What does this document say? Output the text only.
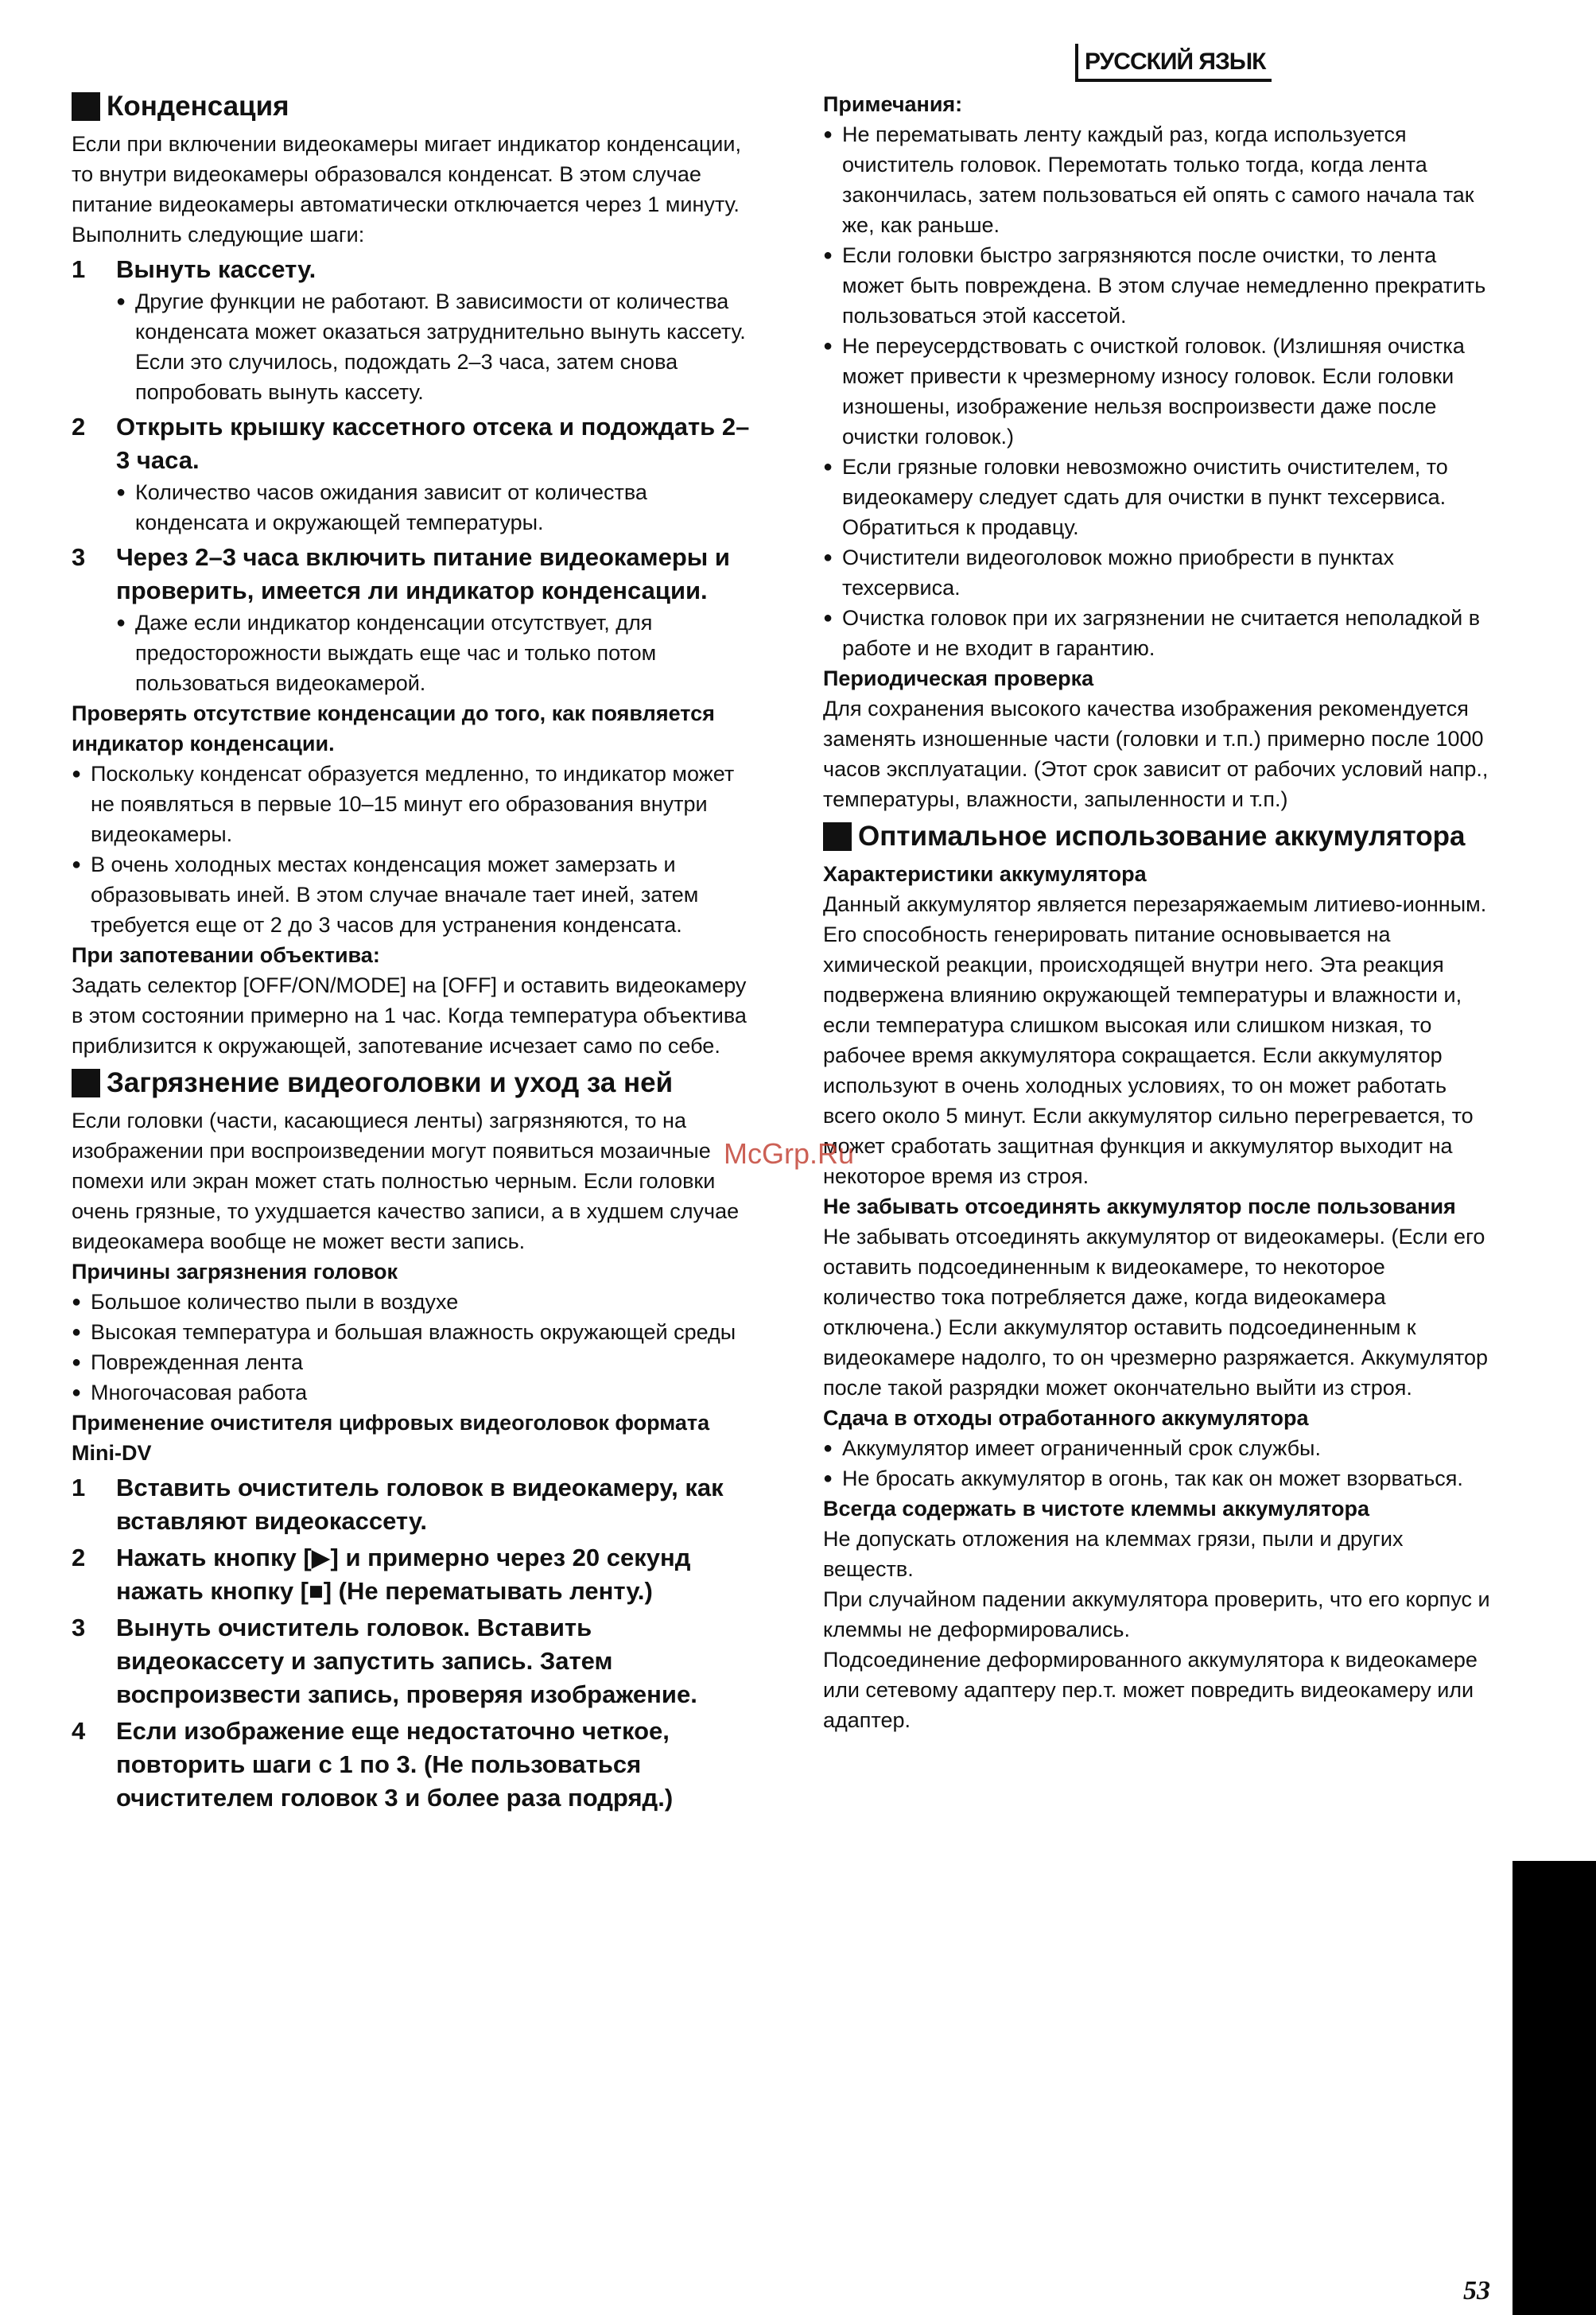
РУССКИЙ ЯЗЫК
Конденсация

Если при включении видеокамеры мигает индикатор конденсации, то внутри видеокамеры образовался конденсат. В этом случае питание видеокамеры автоматически отключается через 1 минуту. Выполнить следующие шаги:

1	Вынуть кассету.
● Другие функции не работают. В зависимости от количества конденсата может оказаться затруднительно вынуть кассету. Если это случилось, подождать 2–3 часа, затем снова попробовать вынуть кассету.
2	Открыть крышку кассетного отсека и подождать 2–3 часа.
● Количество часов ожидания зависит от количества конденсата и окружающей температуры.
3	Через 2–3 часа включить питание видеокамеры и проверить, имеется ли индикатор конденсации.
● Даже если индикатор конденсации отсутствует, для предосторожности выждать еще час и только потом пользоваться видеокамерой.
Проверять отсутствие конденсации до того, как появляется индикатор конденсации.
● Поскольку конденсат образуется медленно, то индикатор может не появляться в первые 10–15 минут его образования внутри видеокамеры.
● В очень холодных местах конденсация может замерзать и образовывать иней. В этом случае вначале тает иней, затем требуется еще от 2 до 3 часов для устранения конденсата.
При запотевании объектива:

Задать селектор [OFF/ON/MODE] на [OFF] и оставить видеокамеру в этом состоянии примерно на 1 час. Когда температура объектива приблизится к окружающей, запотевание исчезает само по себе.

Загрязнение видеоголовки и уход за ней

Если головки (части, касающиеся ленты) загрязняются, то на изображении при воспроизведении могут появиться мозаичные помехи или экран может стать полностью черным. Если головки очень грязные, то ухудшается качество записи, а в худшем случае видеокамера вообще не может вести запись.

Причины загрязнения головок
● Большое количество пыли в воздухе
● Высокая температура и большая влажность окружающей среды
● Поврежденная лента
● Многочасовая работа
Применение очистителя цифровых видеоголовок формата Mini-DV
1	Вставить очиститель головок в видеокамеру, как вставляют видеокассету.
2	Нажать кнопку [▶] и примерно через 20 секунд нажать кнопку [■] (Не перематывать ленту.)
3	Вынуть очиститель головок. Вставить видеокассету и запустить запись. Затем воспроизвести запись, проверяя изображение.
4	Если изображение еще недостаточно четкое, повторить шаги с 1 по 3. (Не пользоваться очистителем головок 3 и более раза подряд.)
Примечания:
● Не перематывать ленту каждый раз, когда используется очиститель головок. Перемотать только тогда, когда лента закончилась, затем пользоваться ей опять с самого начала так же, как раньше.
● Если головки быстро загрязняются после очистки, то лента может быть повреждена. В этом случае немедленно прекратить пользоваться этой кассетой.
● Не переусердствовать с очисткой головок. (Излишняя очистка может привести к чрезмерному износу головок. Если головки изношены, изображение нельзя воспроизвести даже после очистки головок.)
● Если грязные головки невозможно очистить очистителем, то видеокамеру следует сдать для очистки в пункт техсервиса. Обратиться к продавцу.
● Очистители видеоголовок можно приобрести в пунктах техсервиса.
● Очистка головок при их загрязнении не считается неполадкой в работе и не входит в гарантию.
Периодическая проверка

Для сохранения высокого качества изображения рекомендуется заменять изношенные части (головки и т.п.) примерно после 1000 часов эксплуатации. (Этот срок зависит от рабочих условий напр., температуры, влажности, запыленности и т.п.)

Оптимальное использование аккумулятора
Характеристики аккумулятора

Данный аккумулятор является перезаряжаемым литиево-ионным. Его способность генерировать питание основывается на химической реакции, происходящей внутри него. Эта реакция подвержена влиянию окружающей температуры и влажности и, если температура слишком высокая или слишком низкая, то рабочее время аккумулятора сокращается. Если аккумулятор используют в очень холодных условиях, то он может работать всего около 5 минут. Если аккумулятор сильно перегревается, то может сработать защитная функция и аккумулятор выходит на некоторое время из строя.

Не забывать отсоединять аккумулятор после пользования

Не забывать отсоединять аккумулятор от видеокамеры. (Если его оставить подсоединенным к видеокамере, то некоторое количество тока потребляется даже, когда видеокамера отключена.) Если аккумулятор оставить подсоединенным к видеокамере надолго, то он чрезмерно разряжается. Аккумулятор после такой разрядки может окончательно выйти из строя.

Сдача в отходы отработанного аккумулятора
● Аккумулятор имеет ограниченный срок службы.
● Не бросать аккумулятор в огонь, так как он может взорваться.
Всегда содержать в чистоте клеммы аккумулятора

Не допускать отложения на клеммах грязи, пыли и других веществ.

При случайном падении аккумулятора проверить, что его корпус и клеммы не деформировались.

Подсоединение деформированного аккумулятора к видеокамере или сетевому адаптеру пер.т. может повредить видеокамеру или адаптер.

McGrp.Ru
53
